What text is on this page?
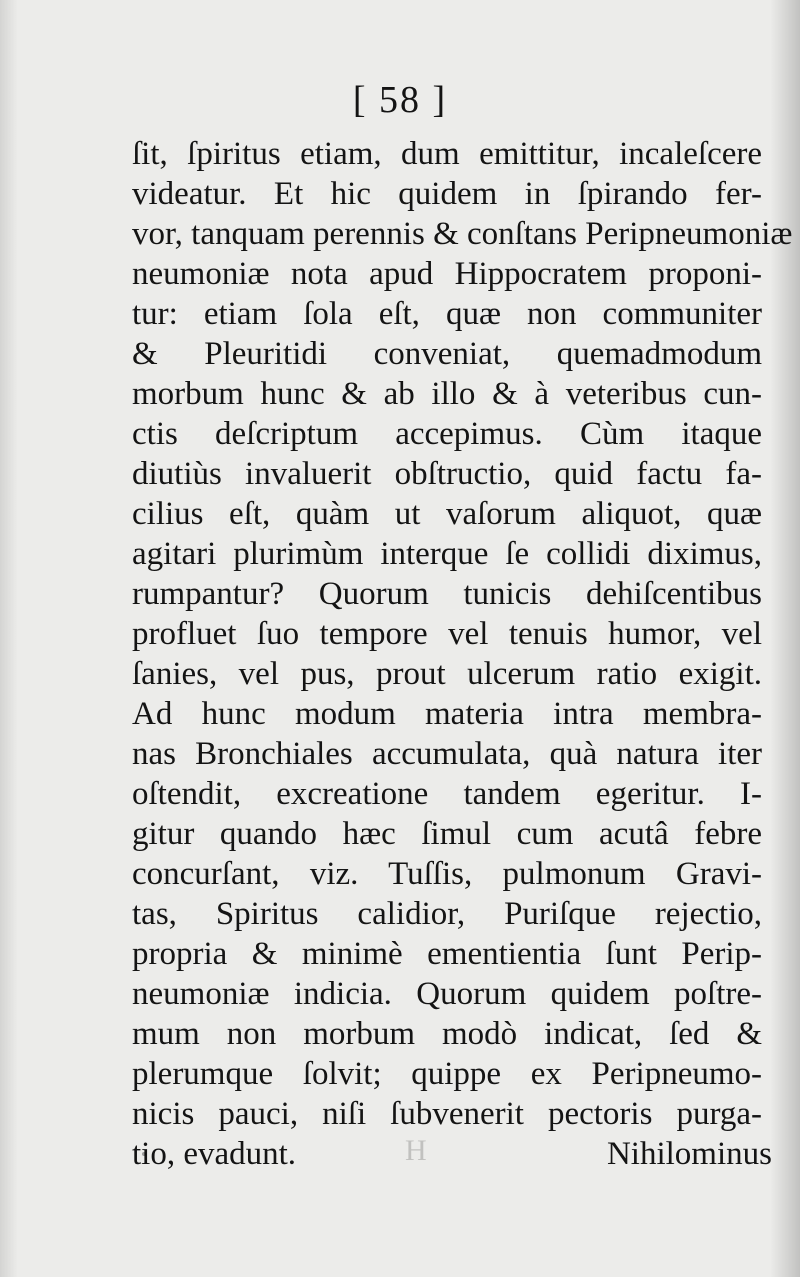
[ 58 ]
ſit, ſpiritus etiam, dum emittitur, incaleſcere
videatur. Et hic quidem in ſpirando fer-
vor, tanquam perennis & conſtans Peripneumoniæ
neumoniæ nota apud Hippocratem proponi-
tur: etiam ſola eſt, quæ non communiter
& Pleuritidi conveniat, quemadmodum
morbum hunc & ab illo & à veteribus cun-
ctis deſcriptum accepimus. Cùm itaque
diutiùs invaluerit obſtructio, quid factu fa-
cilius eſt, quàm ut vaſorum aliquot, quæ
agitari plurimùm interque ſe collidi diximus,
rumpantur? Quorum tunicis dehiſcentibus
profluet ſuo tempore vel tenuis humor, vel
ſanies, vel pus, prout ulcerum ratio exigit.
Ad hunc modum materia intra membra-
nas Bronchiales accumulata, quà natura iter
oſtendit, excreatione tandem egeritur. I-
gitur quando hæc ſimul cum acutâ febre
concurſant, viz. Tuſſis, pulmonum Gravi-
tas, Spiritus calidior, Puriſque rejectio,
propria & minimè ementientia ſunt Perip-
neumoniæ indicia. Quorum quidem poſtre-
mum non morbum modò indicat, ſed &
plerumque ſolvit; quippe ex Peripneumo-
nicis pauci, niſi ſubvenerit pectoris purga-
tio, evadunt.	H	Nihilominus
